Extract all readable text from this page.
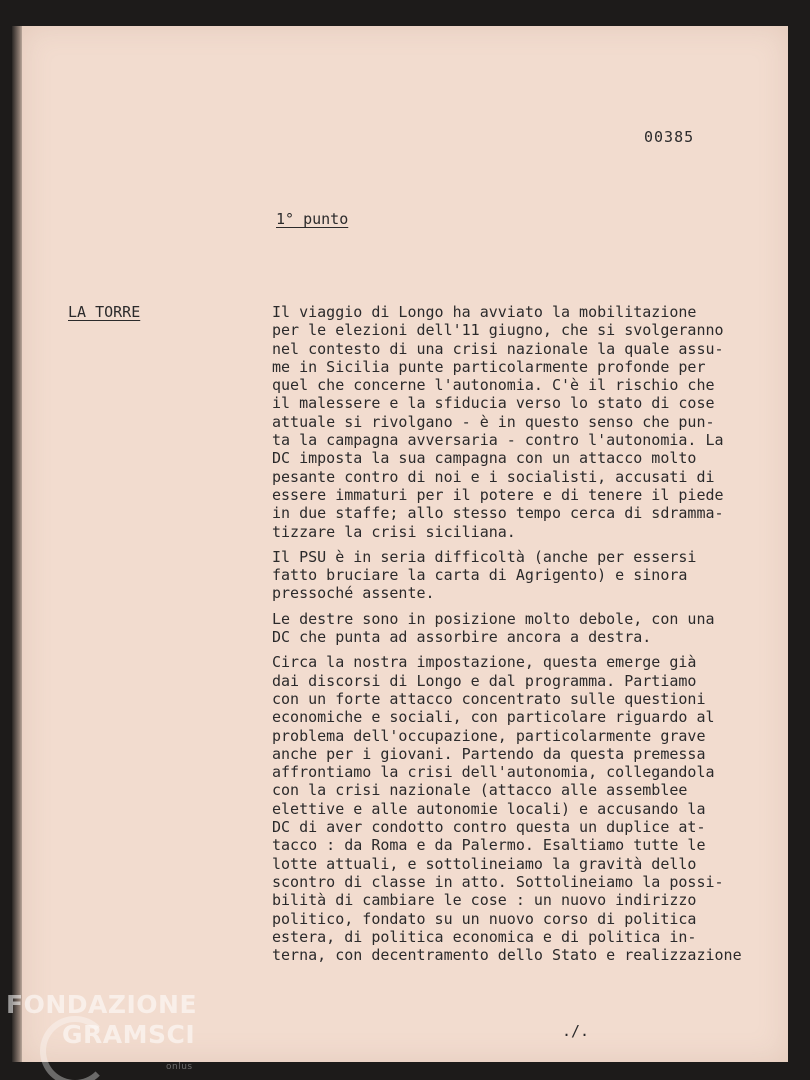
00385
1° punto
LA TORRE	Il viaggio di Longo ha avviato la mobilitazione
per le elezioni dell'11 giugno, che si svolgeranno
nel contesto di una crisi nazionale la quale assu-
me in Sicilia punte particolarmente profonde per
quel che concerne l'autonomia. C'è il rischio che
il malessere e la sfiducia verso lo stato di cose
attuale si rivolgano - è in questo senso che pun-
ta la campagna avversaria - contro l'autonomia. La
DC imposta la sua campagna con un attacco molto
pesante contro di noi e i socialisti, accusati di
essere immaturi per il potere e di tenere il piede
in due staffe; allo stesso tempo cerca di sdramma-
tizzare la crisi siciliana.
Il PSU è in seria difficoltà (anche per essersi
fatto bruciare la carta di Agrigento) e sinora
pressoché assente.
Le destre sono in posizione molto debole, con una
DC che punta ad assorbire ancora a destra.
Circa la nostra impostazione, questa emerge già
dai discorsi di Longo e dal programma. Partiamo
con un forte attacco concentrato sulle questioni
economiche e sociali, con particolare riguardo al
problema dell'occupazione, particolarmente grave
anche per i giovani. Partendo da questa premessa
affrontiamo la crisi dell'autonomia, collegandola
con la crisi nazionale (attacco alle assemblee
elettive e alle autonomie locali) e accusando la
DC di aver condotto contro questa un duplice at-
tacco : da Roma e da Palermo. Esaltiamo tutte le
lotte attuali, e sottolineiamo la gravità dello
scontro di classe in atto. Sottolineiamo la possi-
bilità di cambiare le cose : un nuovo indirizzo
politico, fondato su un nuovo corso di politica
estera, di politica economica e di politica in-
terna, con decentramento dello Stato e realizzazione
./.
FONDAZIONE
GRAMSCI
onlus
